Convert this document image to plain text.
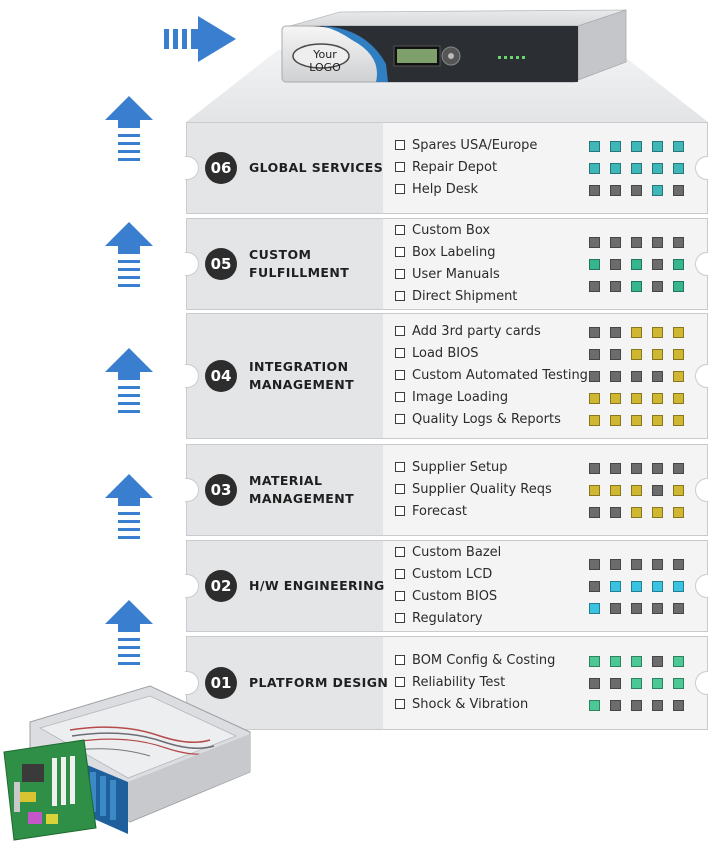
Your LOGO
06	GLOBAL SERVICES
Spares USA/Europe
Repair Depot
Help Desk
05
CUSTOM
FULFILLMENT
Custom Box
Box Labeling
User Manuals
Direct Shipment
04
INTEGRATION
MANAGEMENT
Add 3rd party cards
Load BIOS
Custom Automated Testing
Image Loading
Quality Logs & Reports
03
MATERIAL
MANAGEMENT
Supplier Setup
Supplier Quality Reqs
Forecast
02	H/W ENGINEERING
Custom Bazel
Custom LCD
Custom BIOS
Regulatory
01	PLATFORM DESIGN
BOM Config & Costing
Reliability Test
Shock & Vibration
